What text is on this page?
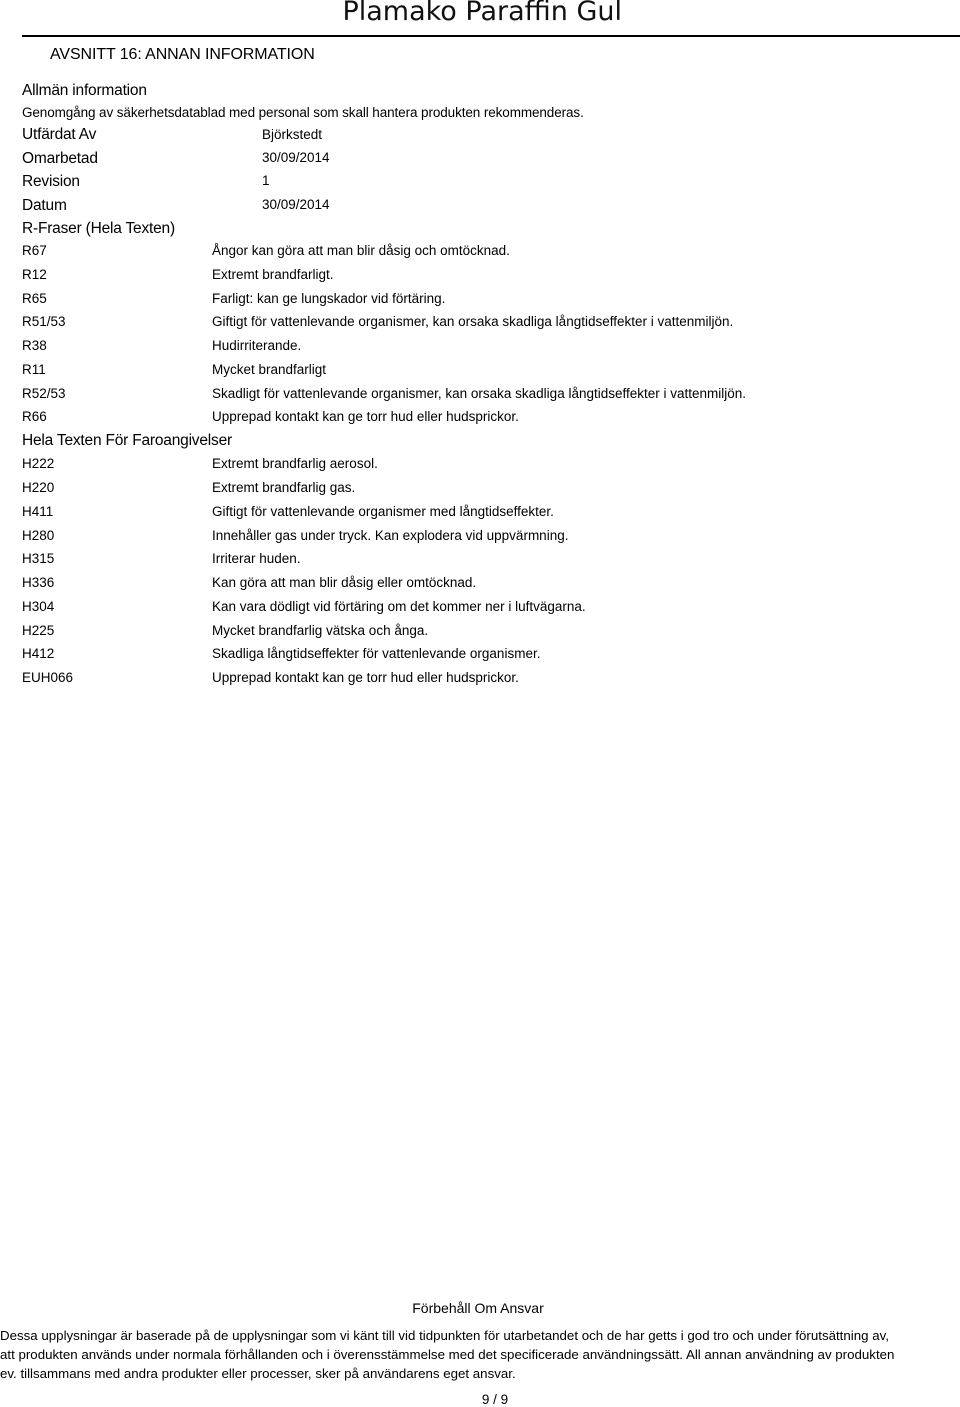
Plamako Paraffin Gul
AVSNITT 16: ANNAN INFORMATION
Allmän information
Genomgång av säkerhetsdatablad med personal som skall hantera produkten rekommenderas.
Utfärdat Av	Björkstedt
Omarbetad	30/09/2014
Revision	1
Datum	30/09/2014
R-Fraser (Hela Texten)
R67	Ångor kan göra att man blir dåsig och omtöcknad.
R12	Extremt brandfarligt.
R65	Farligt: kan ge lungskador vid förtäring.
R51/53	Giftigt för vattenlevande organismer, kan orsaka skadliga långtidseffekter i vattenmiljön.
R38	Hudirriterande.
R11	Mycket brandfarligt
R52/53	Skadligt för vattenlevande organismer, kan orsaka skadliga långtidseffekter i vattenmiljön.
R66	Upprepad kontakt kan ge torr hud eller hudsprickor.
Hela Texten För Faroangivelser
H222	Extremt brandfarlig aerosol.
H220	Extremt brandfarlig gas.
H411	Giftigt för vattenlevande organismer med långtidseffekter.
H280	Innehåller gas under tryck. Kan explodera vid uppvärmning.
H315	Irriterar huden.
H336	Kan göra att man blir dåsig eller omtöcknad.
H304	Kan vara dödligt vid förtäring om det kommer ner i luftvägarna.
H225	Mycket brandfarlig vätska och ånga.
H412	Skadliga långtidseffekter för vattenlevande organismer.
EUH066	Upprepad kontakt kan ge torr hud eller hudsprickor.
Förbehåll Om Ansvar

Dessa upplysningar är baserade på de upplysningar som vi känt till vid tidpunkten för utarbetandet och de har getts i god tro och under förutsättning av,

att produkten används under normala förhållanden och i överensstämmelse med det specificerade användningssätt. All annan användning av produkten

ev. tillsammans med andra produkter eller processer, sker på användarens eget ansvar.

9 / 9
